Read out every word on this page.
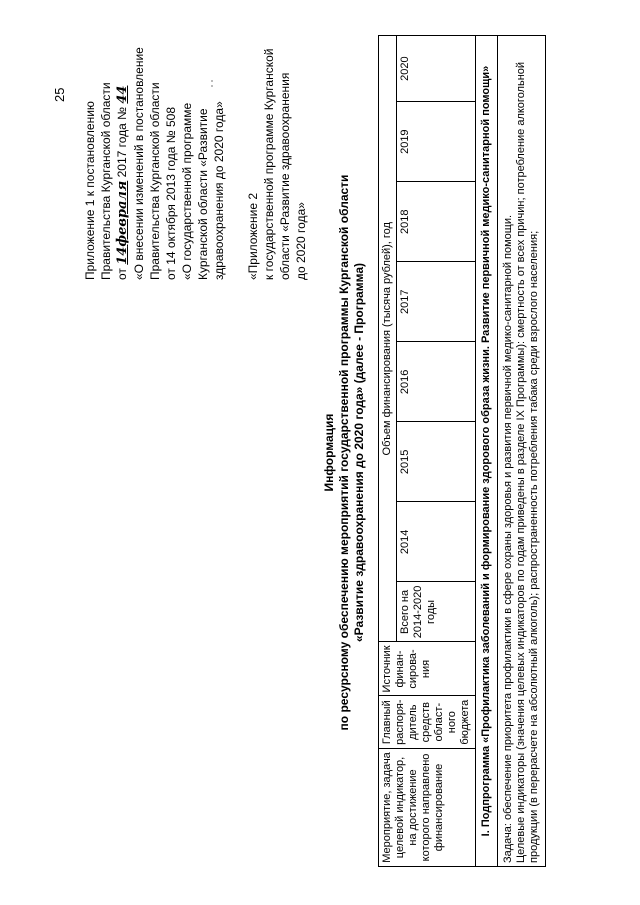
25
Приложение 1 к постановлению Правительства Курганской области от 14февраля 2017 года № 44 «О внесении изменений в постановление Правительства Курганской области от 14 октября 2013 года № 508 «О государственной программе Курганской области «Развитие здравоохранения до 2020 года» «Приложение 2 к государственной программе Курганской области «Развитие здравоохранения до 2020 года»
Информация по ресурсному обеспечению мероприятий государственной программы Курганской области «Развитие здравоохранения до 2020 года» (далее - Программа)
Мероприятие, задача целевой индикатор, на достижение которого направлено финансирование	Главный распоря-дитель средств област-ного бюджета	Источник финан-сирова-ния	Объем финансирования (тысяча рублей), год							
			Всего на 2014-2020 годы	2014	2015	2016	2017	2018	2019	2020
I. Подпрограмма «Профилактика заболеваний и формирование здорового образа жизни. Развитие первичной медико-санитарной помощи»										

Задача: обеспечение приоритета профилактики в сфере охраны здоровья и развития первичной медико-санитарной помощи. Целевые индикаторы (значения целевых индикаторов по годам приведены в разделе IX Программы): смертность от всех причин; потребление алкогольной продукции (в перерасчете на абсолютный алкоголь); распространенность потребления табака среди взрослого населения;										
